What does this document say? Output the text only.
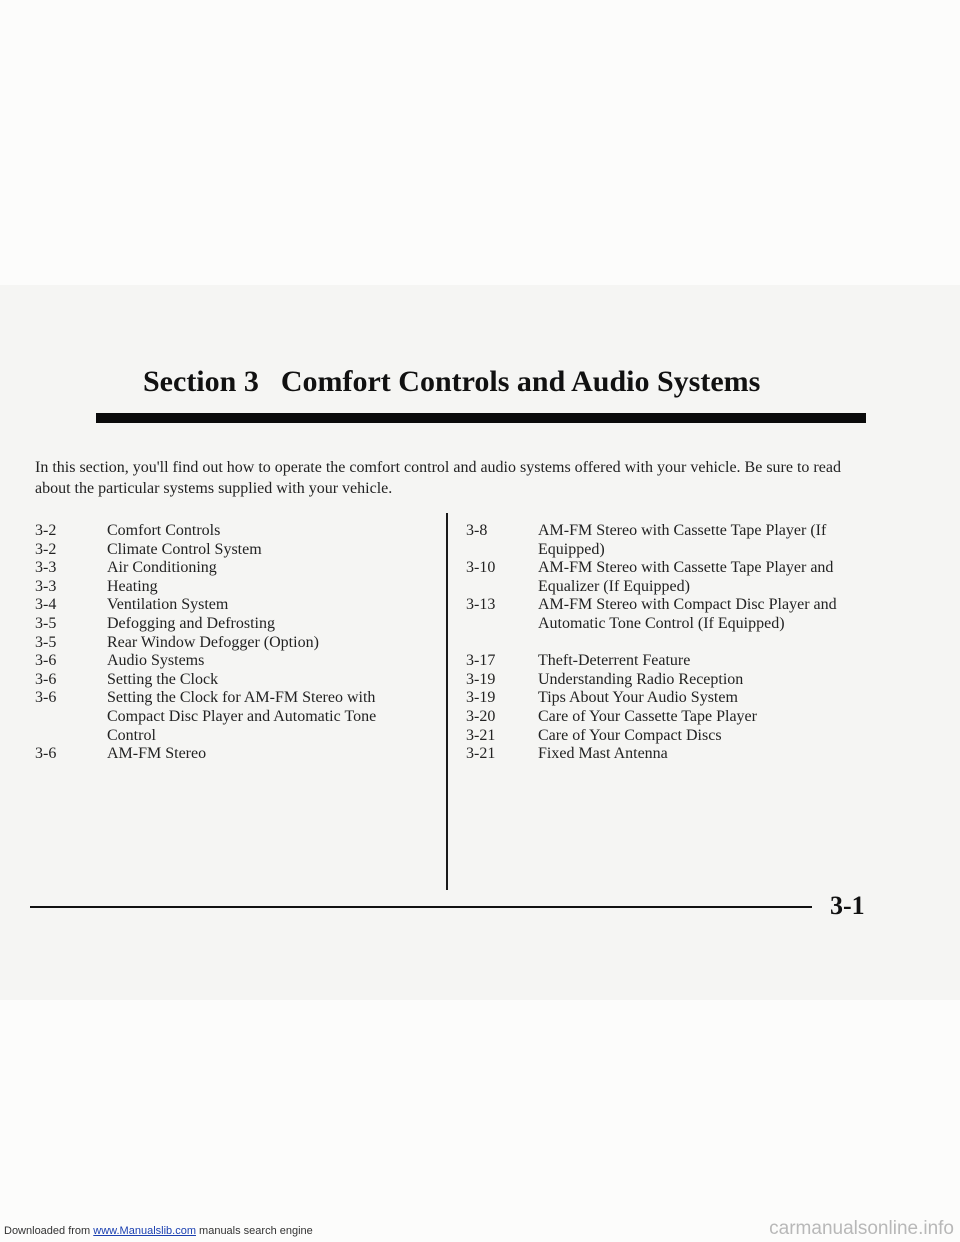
Section 3 Comfort Controls and Audio Systems

In this section, you'll find out how to operate the comfort control and audio systems offered with your vehicle. Be sure to read about the particular systems supplied with your vehicle.

3-2	Comfort Controls
3-2	Climate Control System
3-3	Air Conditioning
3-3	Heating
3-4	Ventilation System
3-5	Defogging and Defrosting
3-5	Rear Window Defogger (Option)
3-6	Audio Systems
3-6	Setting the Clock
3-6	Setting the Clock for AM-FM Stereo with Compact Disc Player and Automatic Tone Control
3-6	AM-FM Stereo
3-8	AM-FM Stereo with Cassette Tape Player (If Equipped)
3-10	AM-FM Stereo with Cassette Tape Player and Equalizer (If Equipped)
3-13	AM-FM Stereo with Compact Disc Player and Automatic Tone Control (If Equipped)
3-17	Theft-Deterrent Feature
3-19	Understanding Radio Reception
3-19	Tips About Your Audio System
3-20	Care of Your Cassette Tape Player
3-21	Care of Your Compact Discs
3-21	Fixed Mast Antenna
3-1
Downloaded from www.Manualslib.com manuals search engine	carmanualsonline.info
